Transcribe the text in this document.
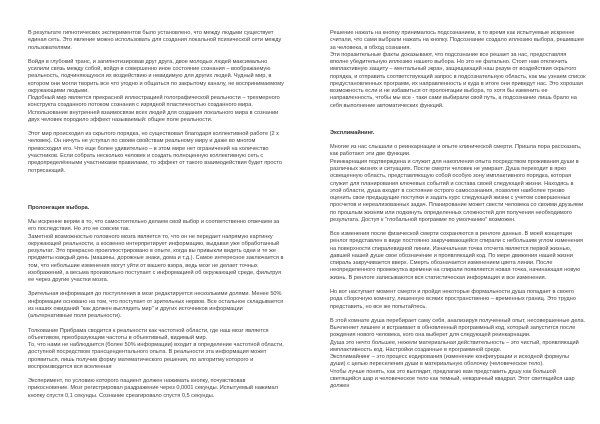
В результате гипнотических экспериментов было установлено, что между людьми существует единая сеть. Это явление можно использовать для создания локальной психической сети между пользователями.

Войдя в глубокий транс, и загипнотизировав друг друга, двое молодых людей максимально усилили связь между собой, войдя в совершенно иное состояние сознания – воображаемую реальность, подчиняющуюся их воздействию и невидимую для других людей. Чудный мир, в котором они могли творить все что угодно и общаться по закрытому каналу, не воспринимаемому окружающими людьми.

Подобный мир является прекрасной иллюстрацией голографической реальности – трехмерного конструкта созданного потоком сознания с изрядной пластичностью созданного мира. Использование внутренней взаимосвязи всех людей для создания локального мира в сознании двух человек породило эффект называемый: общее поле реальности.

Этот мир происходил из скрытого порядка, но существовал благодаря коллективной работе (2 х человек). Он ничуть не уступал по своим свойствам реальному миру и даже во многом превосходил его. Что еще более удивительно – в этом мире нет ограничений на количество участников. Если собрать несколько человек и создать полноценную коллективную сеть с предопределёнными участниками правилами, то эффект от такого взаимодействия будет просто потрясающий.

Пролонгация выбора.

Мы искренне верим в то, что самостоятельно делаем свой выбор и соответственно отвечаем за его последствия. Но это не совсем так.

Заметной возможностью головного мозга является то, что он не передает напрямую картинку окружающей реальности, а косвенно интерпретирует информацию, выдавая уже обработанный результат. Это прекрасно проиллюстрировано в опыте, когда вы привыкли видеть одни и те же предметы каждый день (машины, дорожные знаки, дома и т.д.). Самое интересное заключается в том, что небольшие изменения могут уйти от вашего взора, ведь мозг не делает точных изображений, а весьма произвольно поступает с информацией об окружающей среде, фильтруя ее через другие участки мозга.

Зрительная информация до поступления в мозг редактируется несколькими долями. Менее 50% информации основано на том, что поступает от зрительных нервов. Все остальное складывается из наших ожиданий "как должен выглядеть мир" и других источников информации (альтернативные поля реальности).

Толкование Прибрама сводится к реальности как частотной области, где наш мозг является объективом, преобразующим частоты в объективный, видимый мир.

То, что нами не наблюдается (более 50% информации) входит в определение частотной области, доступной посредством трансцендентального опыта. В реальности эта информация может проявиться, лишь получив форму математического решения, по алгоритму которого и воспроизводится вся вселенная

Эксперимент, по условию которого пациент должен нажимать кнопку, почувствовав прикосновение. Мозг регистрировал раздражение через 0,0001 секунды. Испытуемый нажимал кнопку спустя 0,1 секунды. Сознание среагировало спустя 0,5 секунды.

Решение нажать на кнопку принималось подсознанием, в то время как испытуемые искренне считали, что сами выбрали нажать на кнопку. Подсознание создало иллюзию выбора, решившее за человека, в обход сознания.

Эти поразительные факты доказывают, что подсознание все решает за нас, предоставляя вполне убедительную иллюзию нашего выбора. Но это не фатально. Стоит нам отключить имплактивную защиту – ментальный экран, защищающий наш разум от воздействия скрытого порядка, и отправить соответствующий запрос в подсознательную область, как мы узнаем список предустановленных программ, их направленность и куда в итоге они приведут нас. Это хорошая возможность если и не избавиться от пролонгации выбора, то хотя бы изменить ее направленность, чтобы мы все - таки сами выбирали свой путь, а подсознание лишь брало на себя выполнение автоматических функций.

Эксплимайнинг.

Многие из нас слышали о реинкарнации и опыте клинической смерти. Пришла пора рассказать, как работают эти две функции.

Реинкарнация подтверждена и служит для накопления опыта посредством проживания души в различных жизнях и ситуациях. После смерти человек не умирает. Душа переходит в ярко освещенную область, представляющую собой особую зону имплактивного порядка, которая служит для планирования ключевых событий и состава своей следующей жизни. Находясь в этой области, душа входит в состояние острого самосознания, позволяя наиболее трезво оценить свои предыдущие поступки и задать курс следующей жизни с учетом совершенных просчетов и нереализованных задач. Планирование может свести человека со своими друзьями по прошлым жизням или подкинуть определенных сложностей для получения необходимого результата. Доступ к "глобальной программе по умолчанию" возможен.

Все изменения после физической смерти сохраняются в ренлоге данных. В моей концепции ренлог представлен в виде постоянно закручивающейся спирали с небольшим углом изменения на поверхности спиралевидной линии. Изначальная точка отсчета является первой жизнью, давшей нашей душе свое обозначение и проявляющий код. По мере движения нашей жизни спираль закручивается вверх. Смерть обозначается изменением цвета линии. После неопределенного промежутка времени на спирали появляется новая точка, начинающая новую жизнь. В ренлоге записываются вся статистическая информация и все изменения.

Но вот наступает момент смерти и пройдя некоторые формальности душа попадает в своего рода сборочную комнату, лишенную всяких пространственно – временных границ. Это трудно представить, но все же попытайтесь.

В этой комнате душа перебирает саму себя, анализируя полученный опыт, несовершенные дела. Вычленяет лишнее и встраивает в обновленный программный код, который запустится после рождения нового человека, кого она выберет для следующей реинкарнации.

Душа это нечто большее, нежели материальная действительность – это чистый, проявляющий имплактивность код. Настройки созданные в программной среде.

Эксплимайнинг – это процесс кодирования (изменение конфигурации и исходной формулы души) с целью переселения души в материальную оболочку (человеческое тело).

Чтобы лучше понять, как это выглядит, предлагаю вам представить душу как большой светящийся шар и человеческое тело как темный, невзрачный квадрат. Этот светящийся шар должен
